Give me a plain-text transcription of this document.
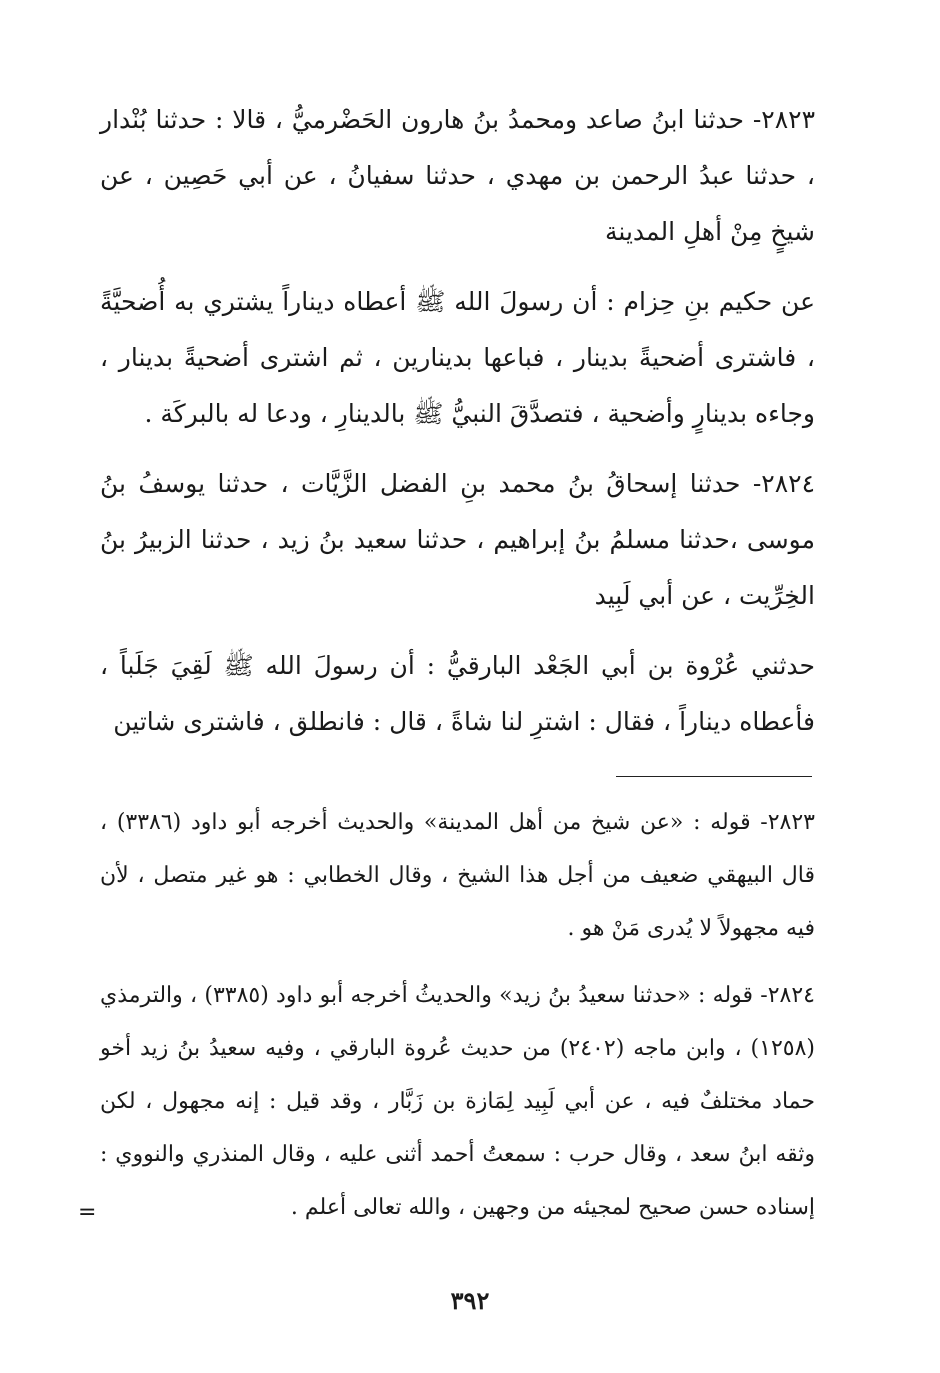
٢٨٢٣- حدثنا ابنُ صاعد ومحمدُ بنُ هارون الحَضْرميُّ ، قالا : حدثنا بُنْدار ، حدثنا عبدُ الرحمن بن مهدي ، حدثنا سفيانُ ، عن أبي حَصِين ، عن شيخٍ مِنْ أهلِ المدينة

عن حكيم بنِ حِزام : أن رسولَ الله ﷺ أعطاه ديناراً يشتري به أُضحيَّةً ، فاشترى أضحيةً بدينار ، فباعها بدينارين ، ثم اشترى أضحيةً بدينار ، وجاءه بدينارٍ وأضحية ، فتصدَّقَ النبيُّ ﷺ بالدينارِ ، ودعا له بالبركَة .

٢٨٢٤- حدثنا إسحاقُ بنُ محمد بنِ الفضل الزَّيَّات ، حدثنا يوسفُ بنُ موسى ،حدثنا مسلمُ بنُ إبراهيم ، حدثنا سعيد بنُ زيد ، حدثنا الزبيرُ بنُ الخِرِّيت ، عن أبي لَبِيد

حدثني عُرْوة بن أبي الجَعْد البارقيُّ : أن رسولَ الله ﷺ لَقِيَ جَلَباً ، فأعطاه ديناراً ، فقال : اشترِ لنا شاةً ، قال : فانطلق ، فاشترى شاتين

٢٨٢٣- قوله : «عن شيخ من أهل المدينة» والحديث أخرجه أبو داود (٣٣٨٦) ، قال البيهقي ضعيف من أجل هذا الشيخ ، وقال الخطابي : هو غير متصل ، لأن فيه مجهولاً لا يُدرى مَنْ هو .

٢٨٢٤- قوله : «حدثنا سعيدُ بنُ زيد» والحديثُ أخرجه أبو داود (٣٣٨٥) ، والترمذي (١٢٥٨) ، وابن ماجه (٢٤٠٢) من حديث عُروة البارقي ، وفيه سعيدُ بنُ زيد أخو حماد مختلفٌ فيه ، عن أبي لَبِيد لِمَازة بن زَبَّار ، وقد قيل : إنه مجهول ، لكن وثقه ابنُ سعد ، وقال حرب : سمعتُ أحمد أثنى عليه ، وقال المنذري والنووي : إسناده حسن صحيح لمجيئه من وجهين ، والله تعالى أعلم .

=
٣٩٢
